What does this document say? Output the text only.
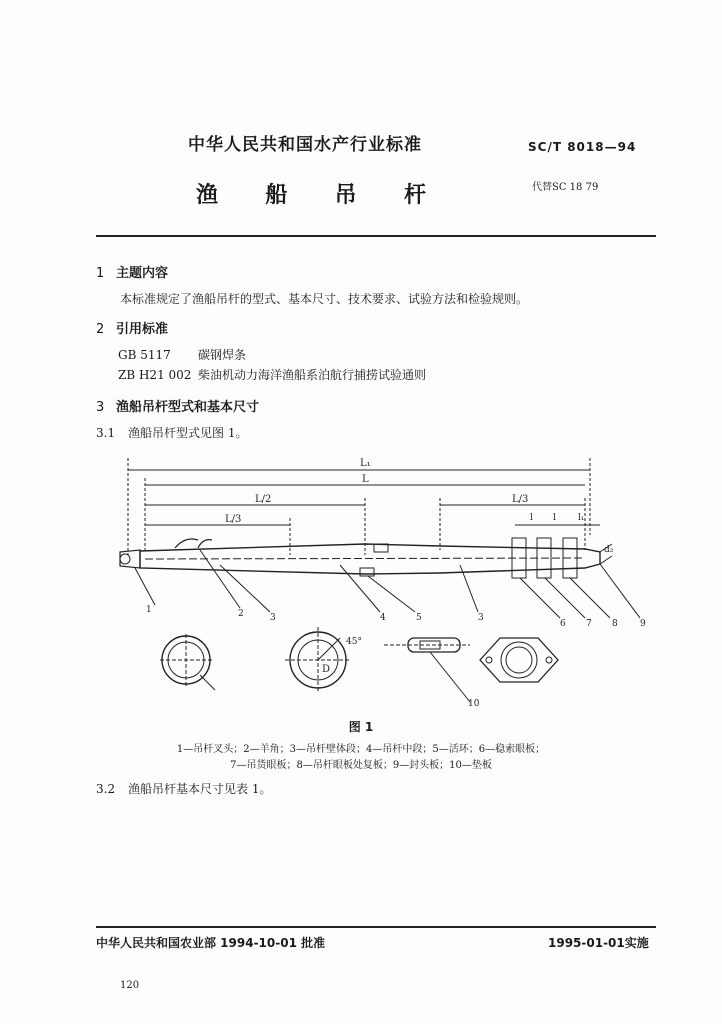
中华人民共和国水产行业标准	SC/T 8018—94
渔 船 吊 杆	代替SC 18 79
1 主题内容
本标准规定了渔船吊杆的型式、基本尺寸、技术要求、试验方法和检验规则。
2 引用标准
GB 5117 碳钢焊条
ZB H21 002 柴油机动力海洋渔船系泊航行捕捞试验通则
3 渔船吊杆型式和基本尺寸
3.1 渔船吊杆型式见图 1。
L₁
L
L/2	L/3
L/3	l l l₁
d₂
1	2	3	4	5	3
6 7 8 9
45°
D
10
图 1
1—吊杆叉头；2—羊角；3—吊杆壁体段；4—吊杆中段；5—活环；6—稳索眼板；
7—吊货眼板；8—吊杆眼板处复板；9—封头板；10—垫板
3.2 渔船吊杆基本尺寸见表 1。
中华人民共和国农业部 1994-10-01 批准	1995-01-01实施
120
